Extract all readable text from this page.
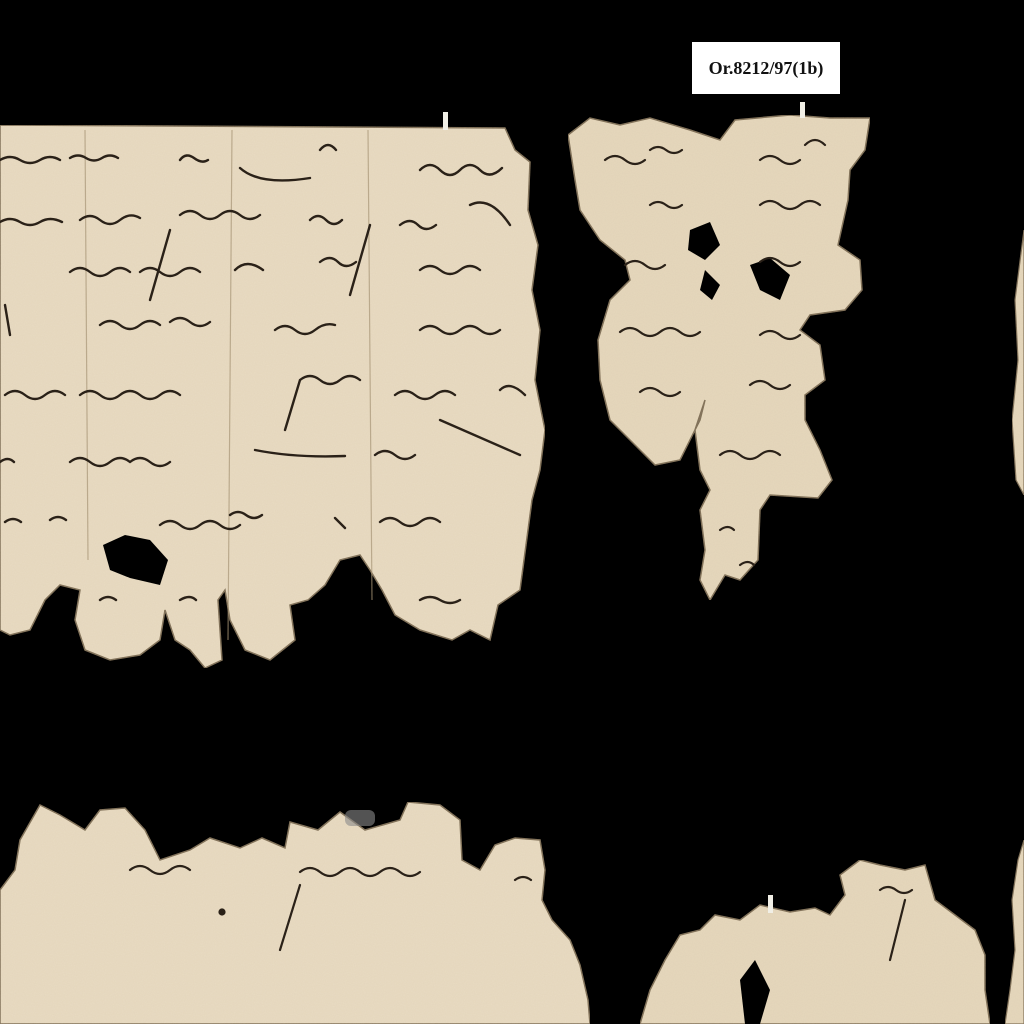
Or.8212/97(1b)
